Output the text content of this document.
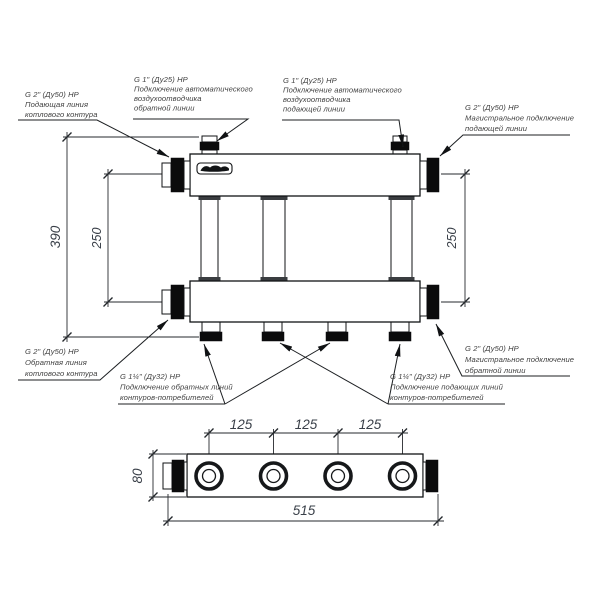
G 2" (Ду50) НР
Подающая линия
котлового контура
G 1" (Ду25) НР
Подключение автоматического
воздухоотводчика
обратной линии
G 1" (Ду25) НР
Подключение автоматического
воздухоотводчика
подающей линии	G 2" (Ду50) НР
Магистральное подключение
подающей линии
G 2" (Ду50) НР
Обратная линия
котлового контура	G 1¼" (Ду32) НР
Подключение обратных линий
контуров-потребителей
G 1¼" (Ду32) НР
Подключение подающих линий
контуров-потребителей
G 2" (Ду50) НР
Магистральное подключение
обратной линии
390 250	250
125	125	125
80
515
